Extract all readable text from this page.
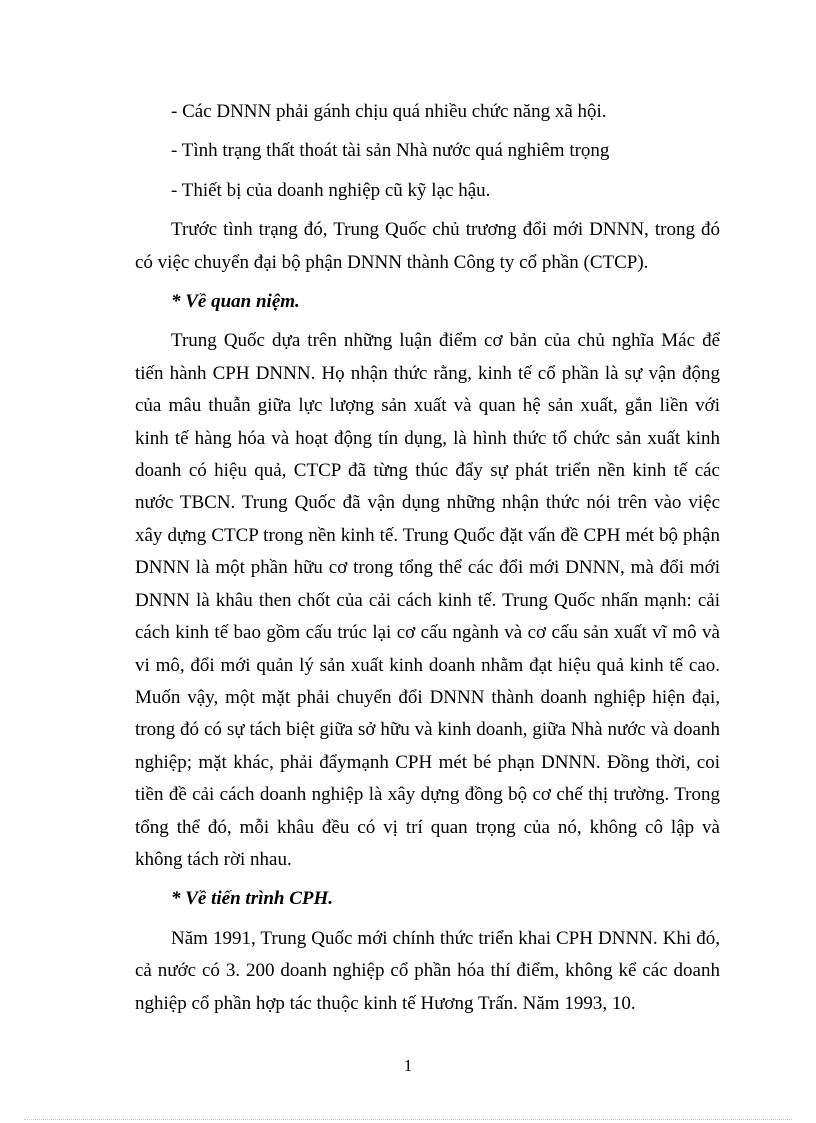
- Các DNNN phải gánh chịu quá nhiều chức năng xã hội.

- Tình trạng thất thoát tài sản Nhà nước quá nghiêm trọng

- Thiết bị của doanh nghiệp cũ kỹ lạc hậu.

Trước tình trạng đó, Trung Quốc chủ trương đổi mới DNNN, trong đó có việc chuyển đại bộ phận DNNN thành Công ty cổ phần (CTCP).

* Về quan niệm.

Trung Quốc dựa trên những luận điểm cơ bản của chủ nghĩa Mác để tiến hành CPH DNNN. Họ nhận thức rằng, kinh tế cổ phần là sự vận động của mâu thuẫn giữa lực lượng sản xuất và quan hệ sản xuất, gắn liền với kinh tế hàng hóa và hoạt động tín dụng, là hình thức tổ chức sản xuất kinh doanh có hiệu quả, CTCP đã từng thúc đẩy sự phát triển nền kinh tế các nước TBCN. Trung Quốc đã vận dụng những nhận thức nói trên vào việc xây dựng CTCP trong nền kinh tế. Trung Quốc đặt vấn đề CPH mét bộ phận DNNN là một phần hữu cơ trong tổng thể các đổi mới DNNN, mà đổi mới DNNN là khâu then chốt của cải cách kinh tế. Trung Quốc nhấn mạnh: cải cách kinh tế bao gồm cấu trúc lại cơ cấu ngành và cơ cấu sản xuất vĩ mô và vi mô, đổi mới quản lý sản xuất kinh doanh nhằm đạt hiệu quả kinh tế cao. Muốn vậy, một mặt phải chuyển đổi DNNN thành doanh nghiệp hiện đại, trong đó có sự tách biệt giữa sở hữu và kinh doanh, giữa Nhà nước và doanh nghiệp; mặt khác, phải đẩymạnh CPH mét bé phạn DNNN. Đồng thời, coi tiền đề cải cách doanh nghiệp là xây dựng đồng bộ cơ chế thị trường. Trong tổng thể đó, mỗi khâu đều có vị trí quan trọng của nó, không cô lập và không tách rời nhau.

* Về tiến trình CPH.

Năm 1991, Trung Quốc mới chính thức triển khai CPH DNNN. Khi đó, cả nước có 3. 200 doanh nghiệp cổ phần hóa thí điểm, không kể các doanh nghiệp cổ phần hợp tác thuộc kinh tế Hương Trấn. Năm 1993, 10.

1
